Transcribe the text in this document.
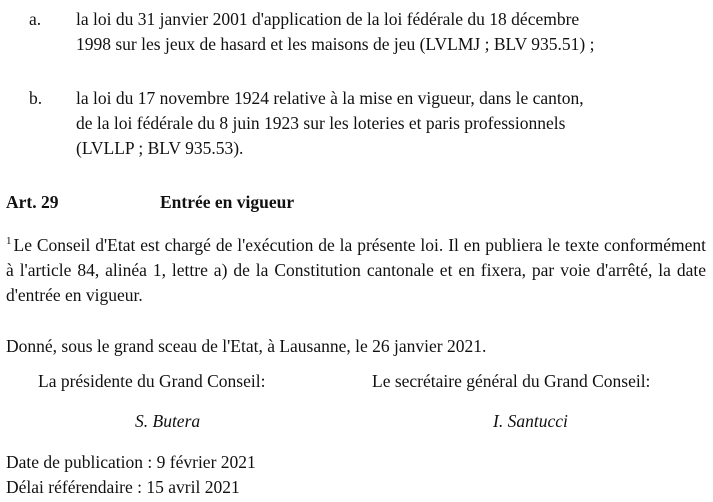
a. la loi du 31 janvier 2001 d'application de la loi fédérale du 18 décembre
1998 sur les jeux de hasard et les maisons de jeu (LVLMJ ; BLV 935.51) ;
b. la loi du 17 novembre 1924 relative à la mise en vigueur, dans le canton,
de la loi fédérale du 8 juin 1923 sur les loteries et paris professionnels
(LVLLP ; BLV 935.53).
Art. 29	Entrée en vigueur
$^1$ Le Conseil d'Etat est chargé de l'exécution de la présente loi. Il en publiera le texte conformément à l'article 84, alinéa 1, lettre a) de la Constitution cantonale et en fixera, par voie d'arrêté, la date d'entrée en vigueur.
Donné, sous le grand sceau de l'Etat, à Lausanne, le 26 janvier 2021.
La présidente du Grand Conseil:	Le secrétaire général du Grand Conseil:
S. Butera	I. Santucci
Date de publication : 9 février 2021
Délai référendaire : 15 avril 2021
